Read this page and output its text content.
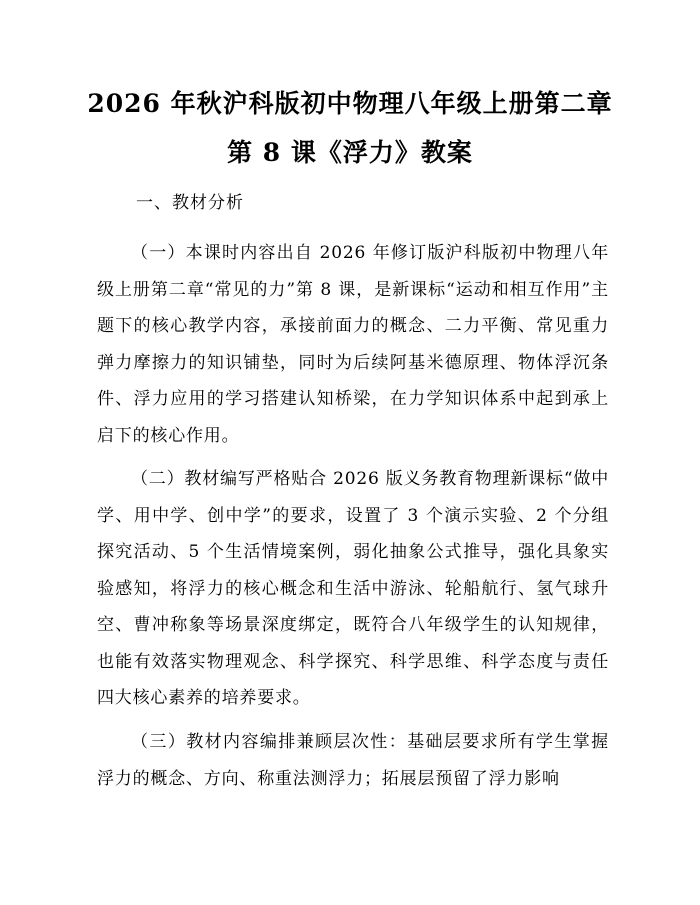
2026 年秋沪科版初中物理八年级上册第二章
第 8 课《浮力》教案
一、教材分析

（一）本课时内容出自 2026 年修订版沪科版初中物理八年级上册第二章“常见的力”第 8 课，是新课标“运动和相互作用”主题下的核心教学内容，承接前面力的概念、二力平衡、常见重力弹力摩擦力的知识铺垫，同时为后续阿基米德原理、物体浮沉条件、浮力应用的学习搭建认知桥梁，在力学知识体系中起到承上启下的核心作用。

（二）教材编写严格贴合 2026 版义务教育物理新课标“做中学、用中学、创中学”的要求，设置了 3 个演示实验、2 个分组探究活动、5 个生活情境案例，弱化抽象公式推导，强化具象实验感知，将浮力的核心概念和生活中游泳、轮船航行、氢气球升空、曹冲称象等场景深度绑定，既符合八年级学生的认知规律，也能有效落实物理观念、科学探究、科学思维、科学态度与责任四大核心素养的培养要求。

（三）教材内容编排兼顾层次性：基础层要求所有学生掌握浮力的概念、方向、称重法测浮力；拓展层预留了浮力影响
